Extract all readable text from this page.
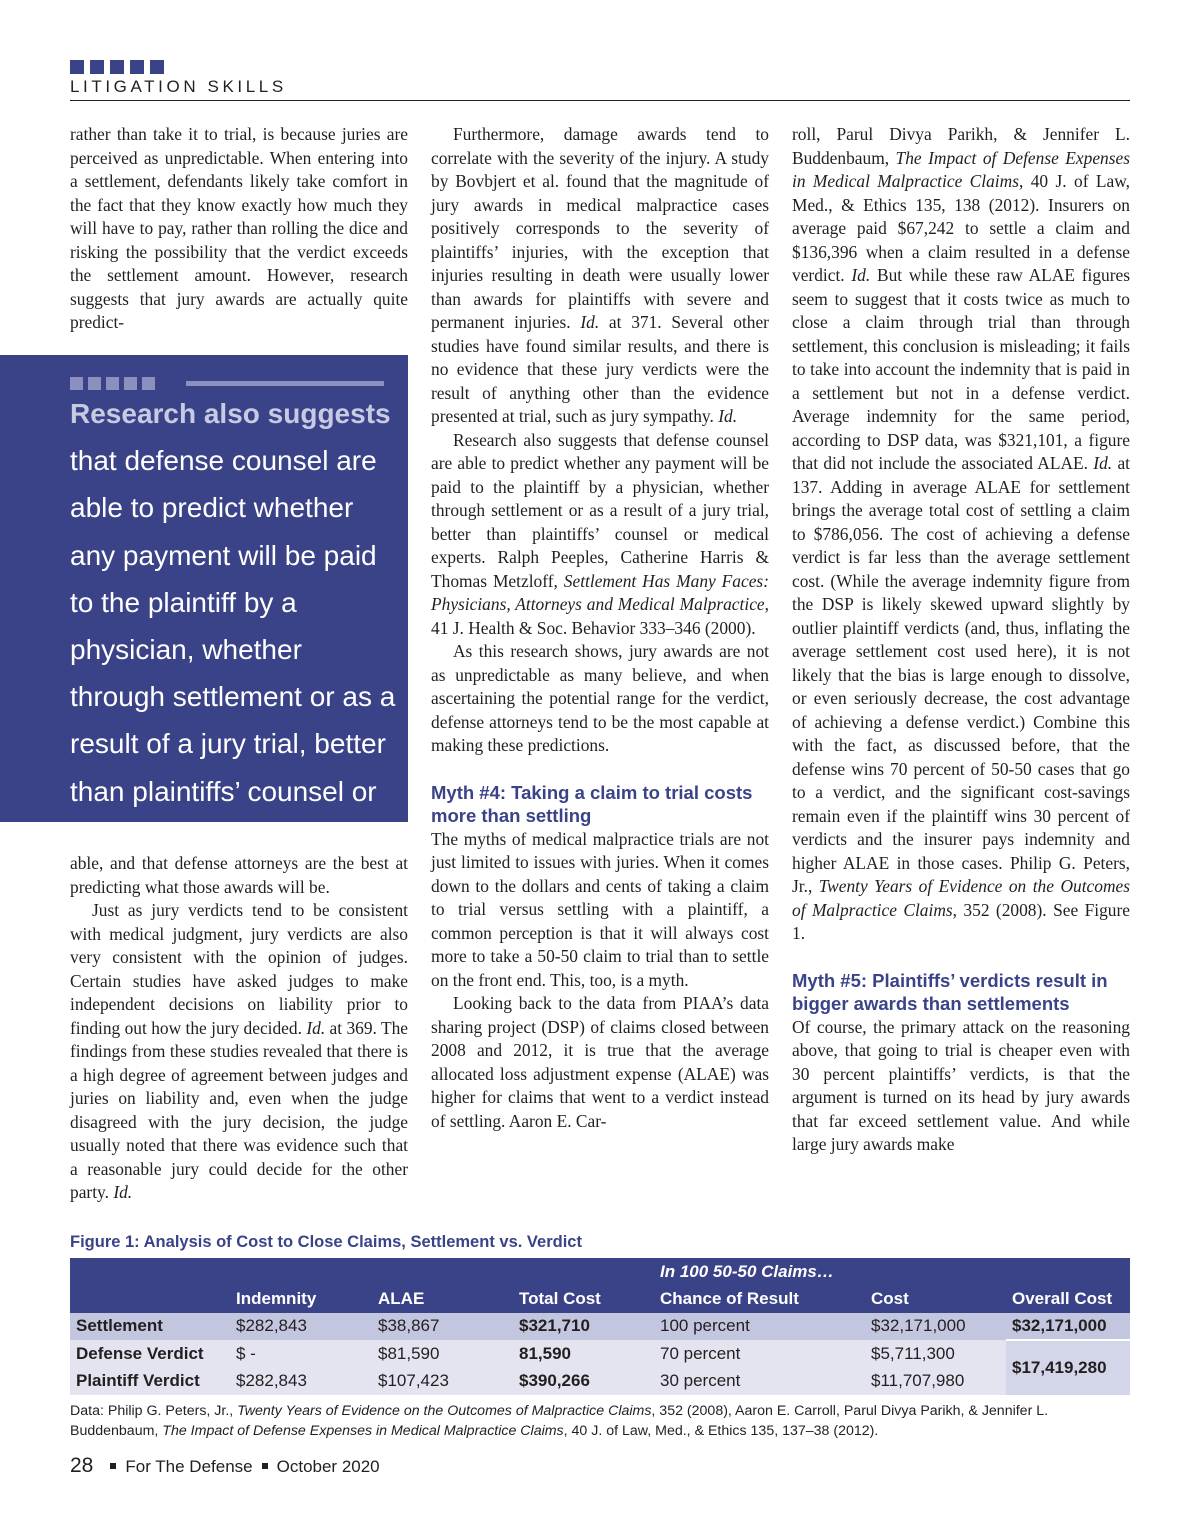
LITIGATION SKILLS

rather than take it to trial, is because juries are perceived as unpredictable. When entering into a settlement, defendants likely take comfort in the fact that they know exactly how much they will have to pay, rather than rolling the dice and risking the possibility that the verdict exceeds the settlement amount. However, research suggests that jury awards are actually quite predict-

Research also suggests that defense counsel are able to predict whether any payment will be paid to the plaintiff by a physician, whether through settlement or as a result of a jury trial, better than plaintiffs’ counsel or medical experts.

able, and that defense attorneys are the best at predicting what those awards will be.

Just as jury verdicts tend to be consistent with medical judgment, jury verdicts are also very consistent with the opinion of judges. Certain studies have asked judges to make independent decisions on liability prior to finding out how the jury decided. Id. at 369. The findings from these studies revealed that there is a high degree of agreement between judges and juries on liability and, even when the judge disagreed with the jury decision, the judge usually noted that there was evidence such that a reasonable jury could decide for the other party. Id.

Furthermore, damage awards tend to correlate with the severity of the injury. A study by Bovbjert et al. found that the magnitude of jury awards in medical malpractice cases positively corresponds to the severity of plaintiffs’ injuries, with the exception that injuries resulting in death were usually lower than awards for plaintiffs with severe and permanent injuries. Id. at 371. Several other studies have found similar results, and there is no evidence that these jury verdicts were the result of anything other than the evidence presented at trial, such as jury sympathy. Id.

Research also suggests that defense counsel are able to predict whether any payment will be paid to the plaintiff by a physician, whether through settlement or as a result of a jury trial, better than plaintiffs’ counsel or medical experts. Ralph Peeples, Catherine Harris & Thomas Metzloff, Settlement Has Many Faces: Physicians, Attorneys and Medical Malpractice, 41 J. Health & Soc. Behavior 333–346 (2000).

As this research shows, jury awards are not as unpredictable as many believe, and when ascertaining the potential range for the verdict, defense attorneys tend to be the most capable at making these predictions.

Myth #4: Taking a claim to trial costs more than settling

The myths of medical malpractice trials are not just limited to issues with juries. When it comes down to the dollars and cents of taking a claim to trial versus settling with a plaintiff, a common perception is that it will always cost more to take a 50-50 claim to trial than to settle on the front end. This, too, is a myth.

Looking back to the data from PIAA’s data sharing project (DSP) of claims closed between 2008 and 2012, it is true that the average allocated loss adjustment expense (ALAE) was higher for claims that went to a verdict instead of settling. Aaron E. Car-

roll, Parul Divya Parikh, & Jennifer L. Buddenbaum, The Impact of Defense Expenses in Medical Malpractice Claims, 40 J. of Law, Med., & Ethics 135, 138 (2012). Insurers on average paid $67,242 to settle a claim and $136,396 when a claim resulted in a defense verdict. Id. But while these raw ALAE figures seem to suggest that it costs twice as much to close a claim through trial than through settlement, this conclusion is misleading; it fails to take into account the indemnity that is paid in a settlement but not in a defense verdict. Average indemnity for the same period, according to DSP data, was $321,101, a figure that did not include the associated ALAE. Id. at 137. Adding in average ALAE for settlement brings the average total cost of settling a claim to $786,056. The cost of achieving a defense verdict is far less than the average settlement cost. (While the average indemnity figure from the DSP is likely skewed upward slightly by outlier plaintiff verdicts (and, thus, inflating the average settlement cost used here), it is not likely that the bias is large enough to dissolve, or even seriously decrease, the cost advantage of achieving a defense verdict.) Combine this with the fact, as discussed before, that the defense wins 70 percent of 50-50 cases that go to a verdict, and the significant cost-savings remain even if the plaintiff wins 30 percent of verdicts and the insurer pays indemnity and higher ALAE in those cases. Philip G. Peters, Jr., Twenty Years of Evidence on the Outcomes of Malpractice Claims, 352 (2008). See Figure 1.

Myth #5: Plaintiffs’ verdicts result in bigger awards than settlements

Of course, the primary attack on the reasoning above, that going to trial is cheaper even with 30 percent plaintiffs’ verdicts, is that the argument is turned on its head by jury awards that far exceed settlement value. And while large jury awards make

Figure 1: Analysis of Cost to Close Claims, Settlement vs. Verdict
				In 100 50-50 Claims…		
	Indemnity	ALAE	Total Cost	Chance of Result	Cost	Overall Cost
Settlement	$282,843	$38,867	$321,710	100 percent	$32,171,000	$32,171,000
Defense Verdict	$ -	$81,590	81,590	70 percent	$5,711,300	$17,419,280
Plaintiff Verdict	$282,843	$107,423	$390,266	30 percent	$11,707,980	
Data: Philip G. Peters, Jr., Twenty Years of Evidence on the Outcomes of Malpractice Claims, 352 (2008), Aaron E. Carroll, Parul Divya Parikh, & Jennifer L. Buddenbaum, The Impact of Defense Expenses in Medical Malpractice Claims, 40 J. of Law, Med., & Ethics 135, 137–38 (2012).
28 For The Defense October 2020
